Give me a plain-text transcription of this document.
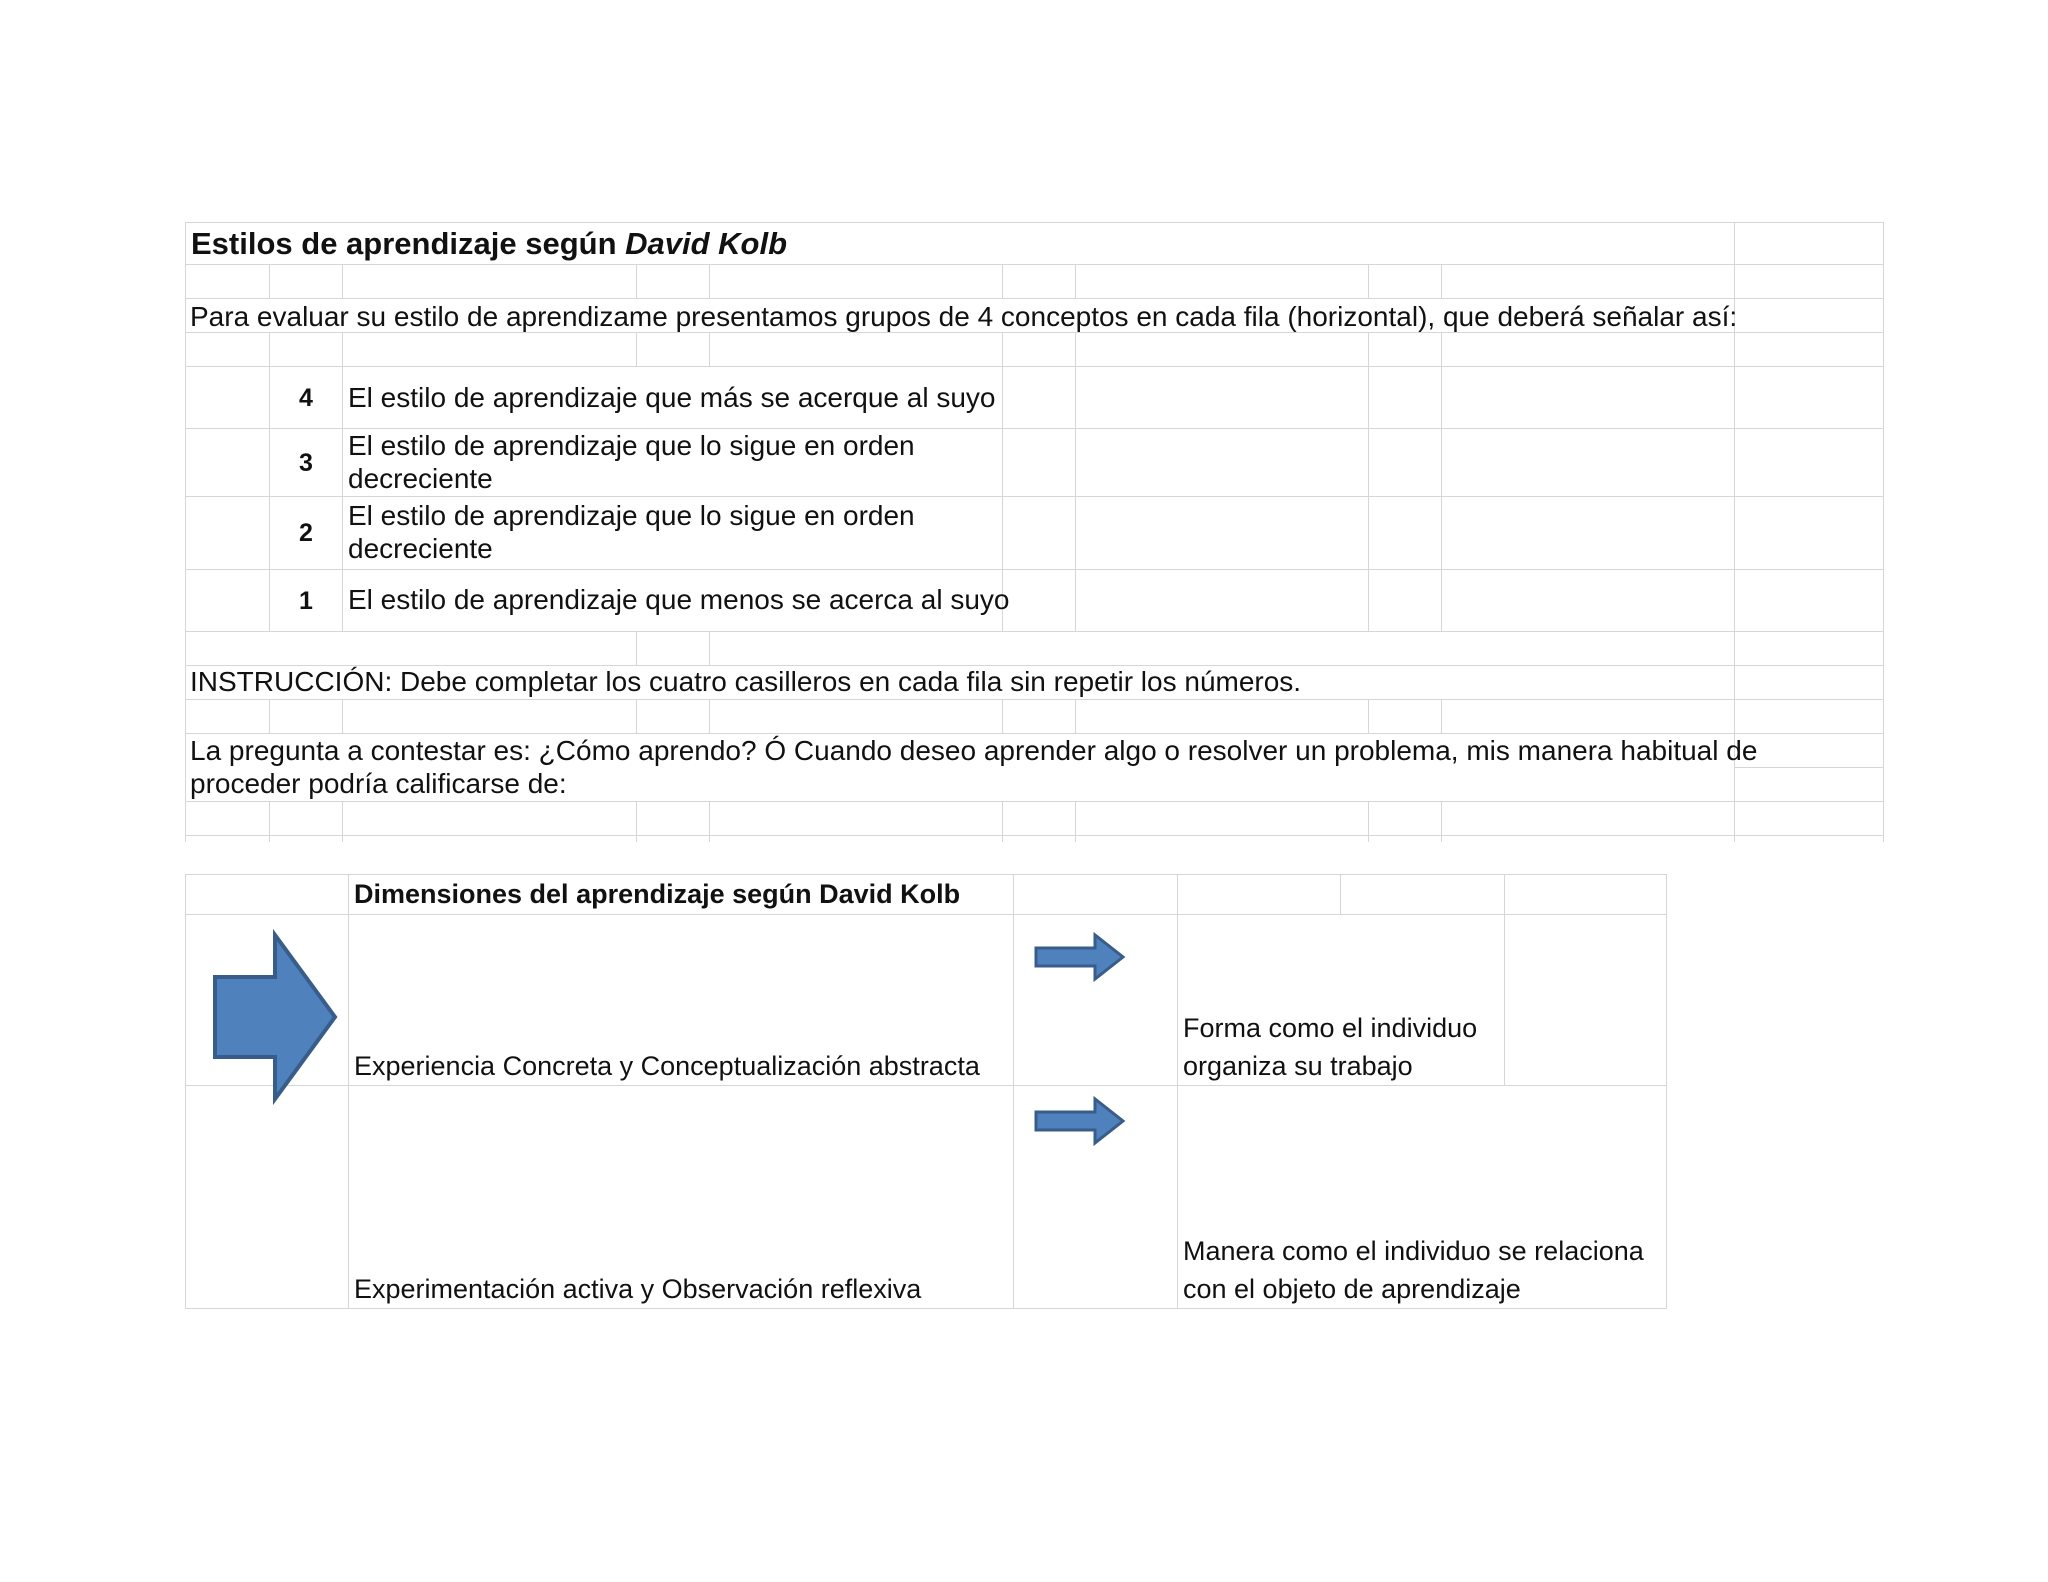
Estilos de aprendizaje según David Kolb
Para evaluar su estilo de aprendizame presentamos grupos de 4 conceptos en cada fila (horizontal), que deberá señalar así:
4	El estilo de aprendizaje que más se acerque al suyo
3
El estilo de aprendizaje que lo sigue en orden
decreciente
2
El estilo de aprendizaje que lo sigue en orden
decreciente
1	El estilo de aprendizaje que menos se acerca al suyo
INSTRUCCIÓN: Debe completar los cuatro casilleros en cada fila sin repetir los números.
La pregunta a contestar es: ¿Cómo aprendo? Ó Cuando deseo aprender algo o resolver un problema, mis manera habitual de
proceder podría calificarse de:
Dimensiones del aprendizaje según David Kolb
Experiencia Concreta y Conceptualización abstracta
Forma como el individuo
organiza su trabajo
Experimentación activa y Observación reflexiva
Manera como el individuo se relaciona
con el objeto de aprendizaje
